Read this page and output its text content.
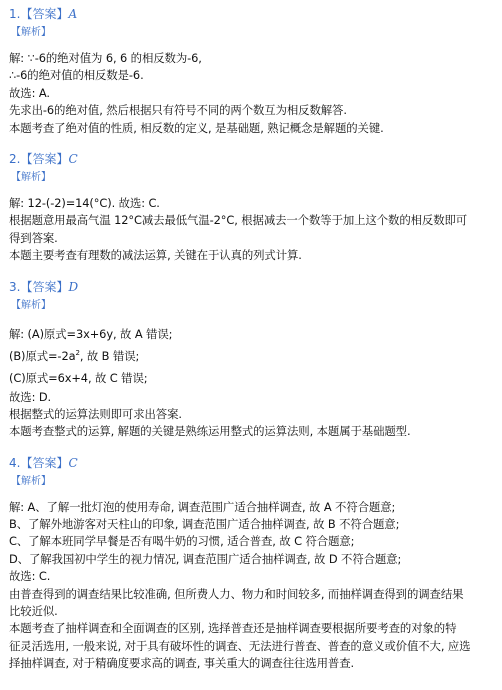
1.【答案】A
【解析】
解: ∵-6的绝对值为 6, 6 的相反数为-6,
∴-6的绝对值的相反数是-6.
故选: A.
先求出-6的绝对值, 然后根据只有符号不同的两个数互为相反数解答.
本题考查了绝对值的性质, 相反数的定义, 是基础题, 熟记概念是解题的关键.
2.【答案】C
【解析】
解: 12-(-2)=14(°C). 故选: C.
根据题意用最高气温 12°C减去最低气温-2°C, 根据减去一个数等于加上这个数的相反数即可
得到答案.
本题主要考查有理数的减法运算, 关键在于认真的列式计算.
3.【答案】D
【解析】
解: (A)原式=3x+6y, 故 A 错误;
(B)原式$=-2a^2$, 故 B 错误;
(C)原式=6x+4, 故 C 错误;
故选: D.
根据整式的运算法则即可求出答案.
本题考查整式的运算, 解题的关键是熟练运用整式的运算法则, 本题属于基础题型.
4.【答案】C
【解析】
解: A、了解一批灯泡的使用寿命, 调查范围广适合抽样调查, 故 A 不符合题意;
B、了解外地游客对天柱山的印象, 调查范围广适合抽样调查, 故 B 不符合题意;
C、了解本班同学早餐是否有喝牛奶的习惯, 适合普查, 故 C 符合题意;
D、了解我国初中学生的视力情况, 调查范围广适合抽样调查, 故 D 不符合题意;
故选: C.
由普查得到的调查结果比较准确, 但所费人力、物力和时间较多, 而抽样调查得到的调查结果
比较近似.
本题考查了抽样调查和全面调查的区别, 选择普查还是抽样调查要根据所要考查的对象的特
征灵活选用, 一般来说, 对于具有破坏性的调查、无法进行普查、普查的意义或价值不大, 应选
择抽样调查, 对于精确度要求高的调查, 事关重大的调查往往选用普查.
